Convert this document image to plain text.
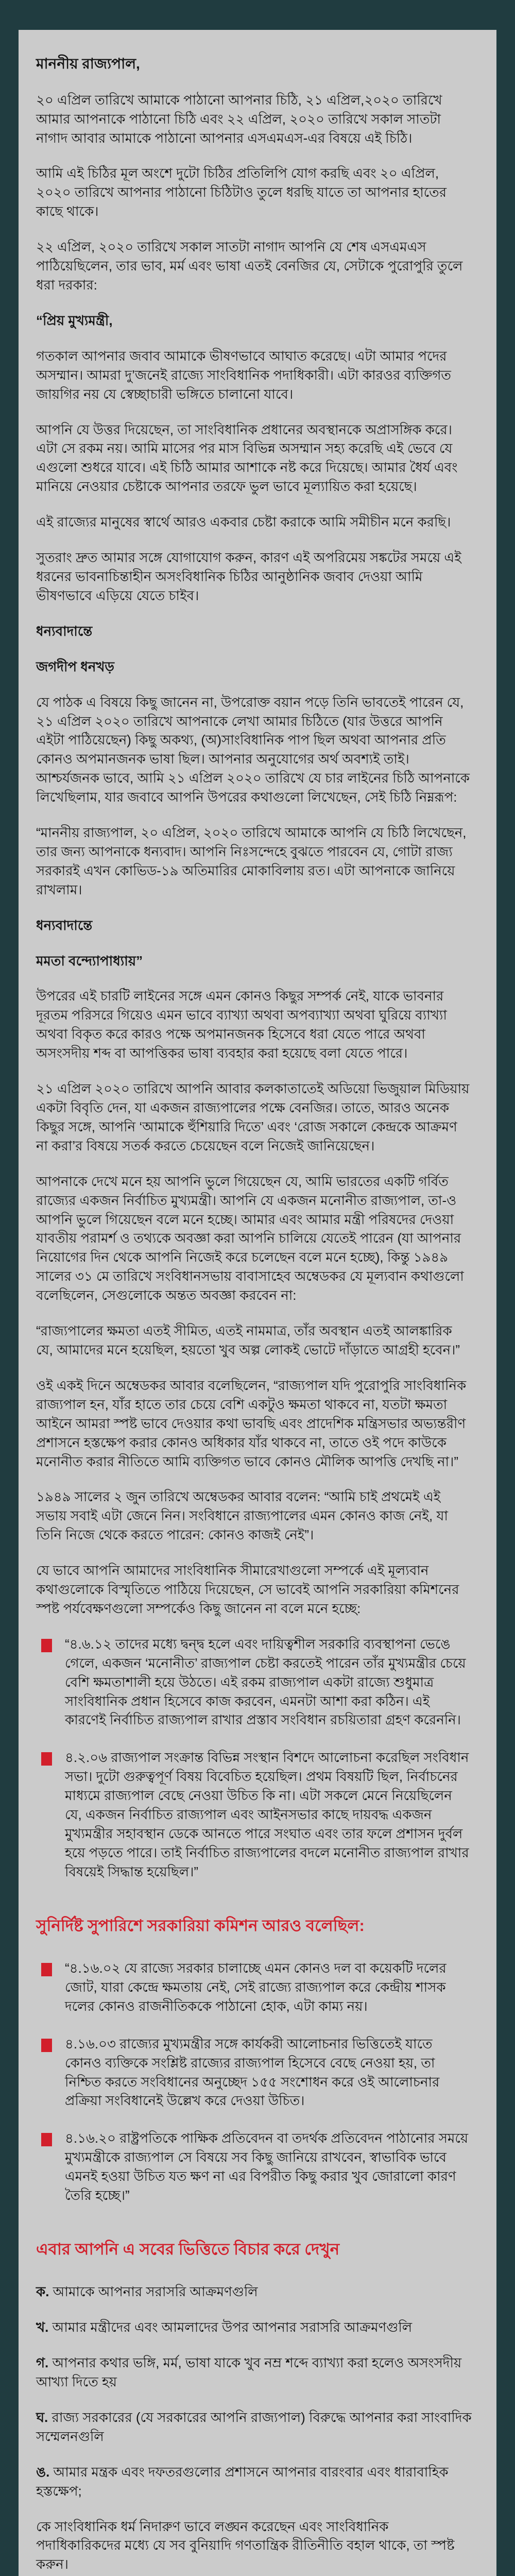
মাননীয় রাজ্যপাল,

২০ এপ্রিল তারিখে আমাকে পাঠানো আপনার চিঠি, ২১ এপ্রিল,২০২০ তারিখে আমার আপনাকে পাঠানো চিঠি এবং ২২ এপ্রিল, ২০২০ তারিখে সকাল সাতটা নাগাদ আবার আমাকে পাঠানো আপনার এসএমএস-এর বিষয়ে এই চিঠি।

আমি এই চিঠির মূল অংশে দুটো চিঠির প্রতিলিপি যোগ করছি এবং ২০ এপ্রিল, ২০২০ তারিখে আপনার পাঠানো চিঠিটাও তুলে ধরছি যাতে তা আপনার হাতের কাছে থাকে।

২২ এপ্রিল, ২০২০ তারিখে সকাল সাতটা নাগাদ আপনি যে শেষ এসএমএস পাঠিয়েছিলেন, তার ভাব, মর্ম এবং ভাষা এতই বেনজির যে, সেটাকে পুরোপুরি তুলে ধরা দরকার:

“প্রিয় মুখ্যমন্ত্রী,

গতকাল আপনার জবাব আমাকে ভীষণভাবে আঘাত করেছে। এটা আমার পদের অসম্মান। আমরা দু’জনেই রাজ্যে সাংবিধানিক পদাধিকারী। এটা কারওর ব্যক্তিগত জায়গির নয় যে স্বেচ্ছাচারী ভঙ্গিতে চালানো যাবে।

আপনি যে উত্তর দিয়েছেন, তা সাংবিধানিক প্রধানের অবস্থানকে অপ্রাসঙ্গিক করে। এটা সে রকম নয়। আমি মাসের পর মাস বিভিন্ন অসম্মান সহ্য করেছি এই ভেবে যে এগুলো শুধরে যাবে। এই চিঠি আমার আশাকে নষ্ট করে দিয়েছে। আমার ধৈর্য এবং মানিয়ে নেওয়ার চেষ্টাকে আপনার তরফে ভুল ভাবে মূল্যায়িত করা হয়েছে।

এই রাজ্যের মানুষের স্বার্থে আরও একবার চেষ্টা করাকে আমি সমীচীন মনে করছি।

সুতরাং দ্রুত আমার সঙ্গে যোগাযোগ করুন, কারণ এই অপরিমেয় সঙ্কটের সময়ে এই ধরনের ভাবনাচিন্তাহীন অসংবিধানিক চিঠির আনুষ্ঠানিক জবাব দেওয়া আমি ভীষণভাবে এড়িয়ে যেতে চাইব।

ধন্যবাদান্তে

জগদীপ ধনখড়

যে পাঠক এ বিষয়ে কিছু জানেন না, উপরোক্ত বয়ান পড়ে তিনি ভাবতেই পারেন যে, ২১ এপ্রিল ২০২০ তারিখে আপনাকে লেখা আমার চিঠিতে (যার উত্তরে আপনি এইটা পাঠিয়েছেন) কিছু অকথ্য, (অ)সাংবিধানিক পাপ ছিল অথবা আপনার প্রতি কোনও অপমানজনক ভাষা ছিল। আপনার অনুযোগের অর্থ অবশ্যই তাই। আশ্চর্যজনক ভাবে, আমি ২১ এপ্রিল ২০২০ তারিখে যে চার লাইনের চিঠি আপনাকে লিখেছিলাম, যার জবাবে আপনি উপরের কথাগুলো লিখেছেন, সেই চিঠি নিম্নরূপ:

“মাননীয় রাজ্যপাল, ২০ এপ্রিল, ২০২০ তারিখে আমাকে আপনি যে চিঠি লিখেছেন, তার জন্য আপনাকে ধন্যবাদ। আপনি নিঃসন্দেহে বুঝতে পারবেন যে, গোটা রাজ্য সরকারই এখন কোভিড-১৯ অতিমারির মোকাবিলায় রত। এটা আপনাকে জানিয়ে রাখলাম।

ধন্যবাদান্তে

মমতা বন্দ্যোপাধ্যায়”

উপরের এই চারটি লাইনের সঙ্গে এমন কোনও কিছুর সম্পর্ক নেই, যাকে ভাবনার দূরতম পরিসরে গিয়েও এমন ভাবে ব্যাখ্যা অথবা অপব্যাখ্যা অথবা ঘুরিয়ে ব্যাখ্যা অথবা বিকৃত করে কারও পক্ষে অপমানজনক হিসেবে ধরা যেতে পারে অথবা অসংসদীয় শব্দ বা আপত্তিকর ভাষা ব্যবহার করা হয়েছে বলা যেতে পারে।

২১ এপ্রিল ২০২০ তারিখে আপনি আবার কলকাতাতেই অডিয়ো ভিজুয়াল মিডিয়ায় একটা বিবৃতি দেন, যা একজন রাজ্যপালের পক্ষে বেনজির। তাতে, আরও অনেক কিছুর সঙ্গে, আপনি ‘আমাকে হুঁশিয়ারি দিতে’ এবং ‘রোজ সকালে কেন্দ্রকে আক্রমণ না করা’র বিষয়ে সতর্ক করতে চেয়েছেন বলে নিজেই জানিয়েছেন।

আপনাকে দেখে মনে হয় আপনি ভুলে গিয়েছেন যে, আমি ভারতের একটি গর্বিত রাজ্যের একজন নির্বাচিত মুখ্যমন্ত্রী। আপনি যে একজন মনোনীত রাজ্যপাল, তা-ও আপনি ভুলে গিয়েছেন বলে মনে হচ্ছে। আমার এবং আমার মন্ত্রী পরিষদের দেওয়া যাবতীয় পরামর্শ ও তথ্যকে অবজ্ঞা করা আপনি চালিয়ে যেতেই পারেন (যা আপনার নিয়োগের দিন থেকে আপনি নিজেই করে চলেছেন বলে মনে হচ্ছে), কিন্তু ১৯৪৯ সালের ৩১ মে তারিখে সংবিধানসভায় বাবাসাহেব অম্বেডকর যে মূল্যবান কথাগুলো বলেছিলেন, সেগুলোকে অন্তত অবজ্ঞা করবেন না:

“রাজ্যপালের ক্ষমতা এতই সীমিত, এতই নামমাত্র, তাঁর অবস্থান এতই আলঙ্কারিক যে, আমাদের মনে হয়েছিল, হয়তো খুব অল্প লোকই ভোটে দাঁড়াতে আগ্রহী হবেন।”

ওই একই দিনে অম্বেডকর আবার বলেছিলেন, “রাজ্যপাল যদি পুরোপুরি সাংবিধানিক রাজ্যপাল হন, যাঁর হাতে তার চেয়ে বেশি একটুও ক্ষমতা থাকবে না, যতটা ক্ষমতা আইনে আমরা স্পষ্ট ভাবে দেওয়ার কথা ভাবছি এবং প্রাদেশিক মন্ত্রিসভার অভ্যন্তরীণ প্রশাসনে হস্তক্ষেপ করার কোনও অধিকার যাঁর থাকবে না, তাতে ওই পদে কাউকে মনোনীত করার নীতিতে আমি ব্যক্তিগত ভাবে কোনও মৌলিক আপত্তি দেখছি না।”

১৯৪৯ সালের ২ জুন তারিখে অম্বেডকর আবার বলেন: “আমি চাই প্রথমেই এই সভায় সবাই এটা জেনে নিন। সংবিধানে রাজ্যপালের এমন কোনও কাজ নেই, যা তিনি নিজে থেকে করতে পারেন: কোনও কাজই নেই”।

যে ভাবে আপনি আমাদের সাংবিধানিক সীমারেখাগুলো সম্পর্কে এই মূল্যবান কথাগুলোকে বিস্মৃতিতে পাঠিয়ে দিয়েছেন, সে ভাবেই আপনি সরকারিয়া কমিশনের স্পষ্ট পর্যবেক্ষণগুলো সম্পর্কেও কিছু জানেন না বলে মনে হচ্ছে:

“৪.৬.১২ তাদের মধ্যে দ্বন্দ্ব হলে এবং দায়িত্বশীল সরকারি ব্যবস্থাপনা ভেঙে গেলে, একজন ‘মনোনীত’ রাজ্যপাল চেষ্টা করতেই পারেন তাঁর মুখ্যমন্ত্রীর চেয়ে বেশি ক্ষমতাশালী হয়ে উঠতে। এই রকম রাজ্যপাল একটা রাজ্যে শুধুমাত্র সাংবিধানিক প্রধান হিসেবে কাজ করবেন, এমনটা আশা করা কঠিন। এই কারণেই নির্বাচিত রাজ্যপাল রাখার প্রস্তাব সংবিধান রচয়িতারা গ্রহণ করেননি।
৪.২.০৬ রাজ্যপাল সংক্রান্ত বিভিন্ন সংস্থান বিশদে আলোচনা করেছিল সংবিধান সভা। দুটো গুরুত্বপূর্ণ বিষয় বিবেচিত হয়েছিল। প্রথম বিষয়টি ছিল, নির্বাচনের মাধ্যমে রাজ্যপাল বেছে নেওয়া উচিত কি না। এটা সকলে মেনে নিয়েছিলেন যে, একজন নির্বাচিত রাজ্যপাল এবং আইনসভার কাছে দায়বদ্ধ একজন মুখ্যমন্ত্রীর সহাবস্থান ডেকে আনতে পারে সংঘাত এবং তার ফলে প্রশাসন দুর্বল হয়ে পড়তে পারে। তাই নির্বাচিত রাজ্যপালের বদলে মনোনীত রাজ্যপাল রাখার বিষয়েই সিদ্ধান্ত হয়েছিল।”
সুনির্দিষ্ট সুপারিশে সরকারিয়া কমিশন আরও বলেছিল:
“৪.১৬.০২ যে রাজ্যে সরকার চালাচ্ছে এমন কোনও দল বা কয়েকটি দলের জোট, যারা কেন্দ্রে ক্ষমতায় নেই, সেই রাজ্যে রাজ্যপাল করে কেন্দ্রীয় শাসক দলের কোনও রাজনীতিককে পাঠানো হোক, এটা কাম্য নয়।
৪.১৬.০৩ রাজ্যের মুখ্যমন্ত্রীর সঙ্গে কার্যকরী আলোচনার ভিত্তিতেই যাতে কোনও ব্যক্তিকে সংশ্লিষ্ট রাজ্যের রাজ্যপাল হিসেবে বেছে নেওয়া হয়, তা নিশ্চিত করতে সংবিধানের অনুচ্ছেদ ১৫৫ সংশোধন করে ওই আলোচনার প্রক্রিয়া সংবিধানেই উল্লেখ করে দেওয়া উচিত।
৪.১৬.২০ রাষ্ট্রপতিকে পাক্ষিক প্রতিবেদন বা তদর্থক প্রতিবেদন পাঠানোর সময়ে মুখ্যমন্ত্রীকে রাজ্যপাল সে বিষয়ে সব কিছু জানিয়ে রাখবেন, স্বাভাবিক ভাবে এমনই হওয়া উচিত যত ক্ষণ না এর বিপরীত কিছু করার খুব জোরালো কারণ তৈরি হচ্ছে।”
এবার আপনি এ সবের ভিত্তিতে বিচার করে দেখুন

ক. আমাকে আপনার সরাসরি আক্রমণগুলি

খ. আমার মন্ত্রীদের এবং আমলাদের উপর আপনার সরাসরি আক্রমণগুলি

গ. আপনার কথার ভঙ্গি, মর্ম, ভাষা যাকে খুব নম্র শব্দে ব্যাখ্যা করা হলেও অসংসদীয় আখ্যা দিতে হয়

ঘ. রাজ্য সরকারের (যে সরকারের আপনি রাজ্যপাল) বিরুদ্ধে আপনার করা সাংবাদিক সম্মেলনগুলি

ঙ. আমার মন্ত্রক এবং দফতরগুলোর প্রশাসনে আপনার বারংবার এবং ধারাবাহিক হস্তক্ষেপ;

কে সাংবিধানিক ধর্ম নিদারুণ ভাবে লঙ্ঘন করেছেন এবং সাংবিধানিক পদাধিকারিকদের মধ্যে যে সব বুনিয়াদি গণতান্ত্রিক রীতিনীতি বহাল থাকে, তা স্পষ্ট করুন।
